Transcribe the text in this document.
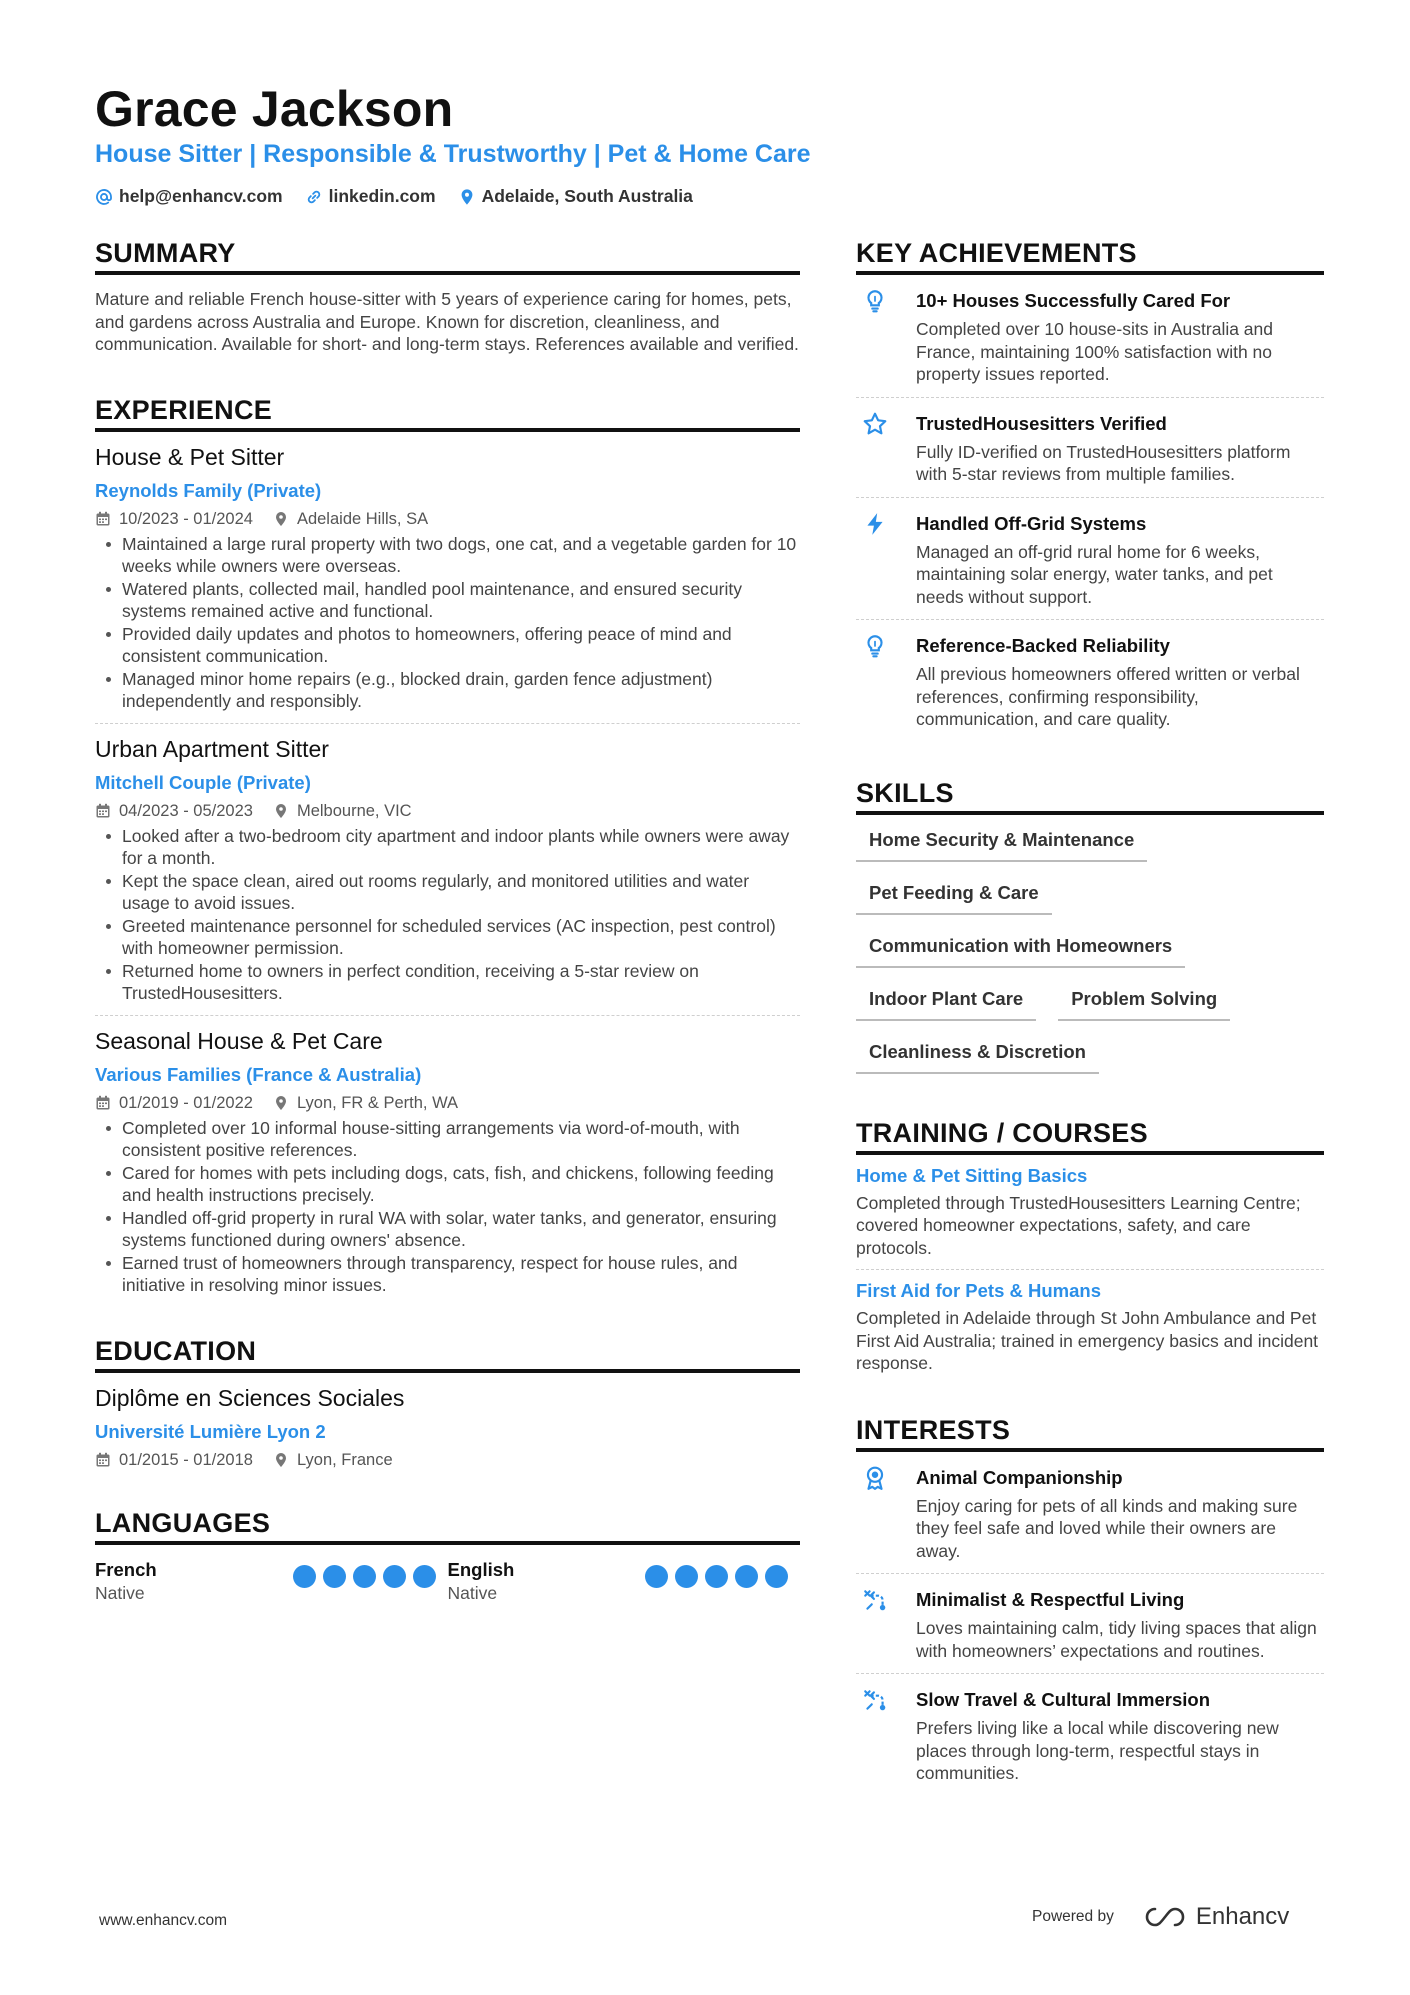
Grace Jackson
House Sitter | Responsible & Trustworthy | Pet & Home Care
help@enhancv.com	linkedin.com	Adelaide, South Australia
SUMMARY
Mature and reliable French house-sitter with 5 years of experience caring for homes, pets, and gardens across Australia and Europe. Known for discretion, cleanliness, and communication. Available for short- and long-term stays. References available and verified.
EXPERIENCE
House & Pet Sitter
Reynolds Family (Private)
10/2023 - 01/2024	Adelaide Hills, SA
Maintained a large rural property with two dogs, one cat, and a vegetable garden for 10 weeks while owners were overseas.
Watered plants, collected mail, handled pool maintenance, and ensured security systems remained active and functional.
Provided daily updates and photos to homeowners, offering peace of mind and consistent communication.
Managed minor home repairs (e.g., blocked drain, garden fence adjustment) independently and responsibly.
Urban Apartment Sitter
Mitchell Couple (Private)
04/2023 - 05/2023	Melbourne, VIC
Looked after a two-bedroom city apartment and indoor plants while owners were away for a month.
Kept the space clean, aired out rooms regularly, and monitored utilities and water usage to avoid issues.
Greeted maintenance personnel for scheduled services (AC inspection, pest control) with homeowner permission.
Returned home to owners in perfect condition, receiving a 5-star review on TrustedHousesitters.
Seasonal House & Pet Care
Various Families (France & Australia)
01/2019 - 01/2022	Lyon, FR & Perth, WA
Completed over 10 informal house-sitting arrangements via word-of-mouth, with consistent positive references.
Cared for homes with pets including dogs, cats, fish, and chickens, following feeding and health instructions precisely.
Handled off-grid property in rural WA with solar, water tanks, and generator, ensuring systems functioned during owners' absence.
Earned trust of homeowners through transparency, respect for house rules, and initiative in resolving minor issues.
EDUCATION
Diplôme en Sciences Sociales
Université Lumière Lyon 2
01/2015 - 01/2018	Lyon, France
LANGUAGES
French
Native
English
Native
KEY ACHIEVEMENTS
10+ Houses Successfully Cared For
Completed over 10 house-sits in Australia and France, maintaining 100% satisfaction with no property issues reported.
TrustedHousesitters Verified
Fully ID-verified on TrustedHousesitters platform with 5-star reviews from multiple families.
Handled Off-Grid Systems
Managed an off-grid rural home for 6 weeks, maintaining solar energy, water tanks, and pet needs without support.
Reference-Backed Reliability
All previous homeowners offered written or verbal references, confirming responsibility, communication, and care quality.
SKILLS
Home Security & Maintenance
Pet Feeding & Care
Communication with Homeowners
Indoor Plant Care	Problem Solving
Cleanliness & Discretion
TRAINING / COURSES
Home & Pet Sitting Basics
Completed through TrustedHousesitters Learning Centre; covered homeowner expectations, safety, and care protocols.
First Aid for Pets & Humans
Completed in Adelaide through St John Ambulance and Pet First Aid Australia; trained in emergency basics and incident response.
INTERESTS
Animal Companionship
Enjoy caring for pets of all kinds and making sure they feel safe and loved while their owners are away.
Minimalist & Respectful Living
Loves maintaining calm, tidy living spaces that align with homeowners’ expectations and routines.
Slow Travel & Cultural Immersion
Prefers living like a local while discovering new places through long-term, respectful stays in communities.
www.enhancv.com	Powered by	Enhancv
